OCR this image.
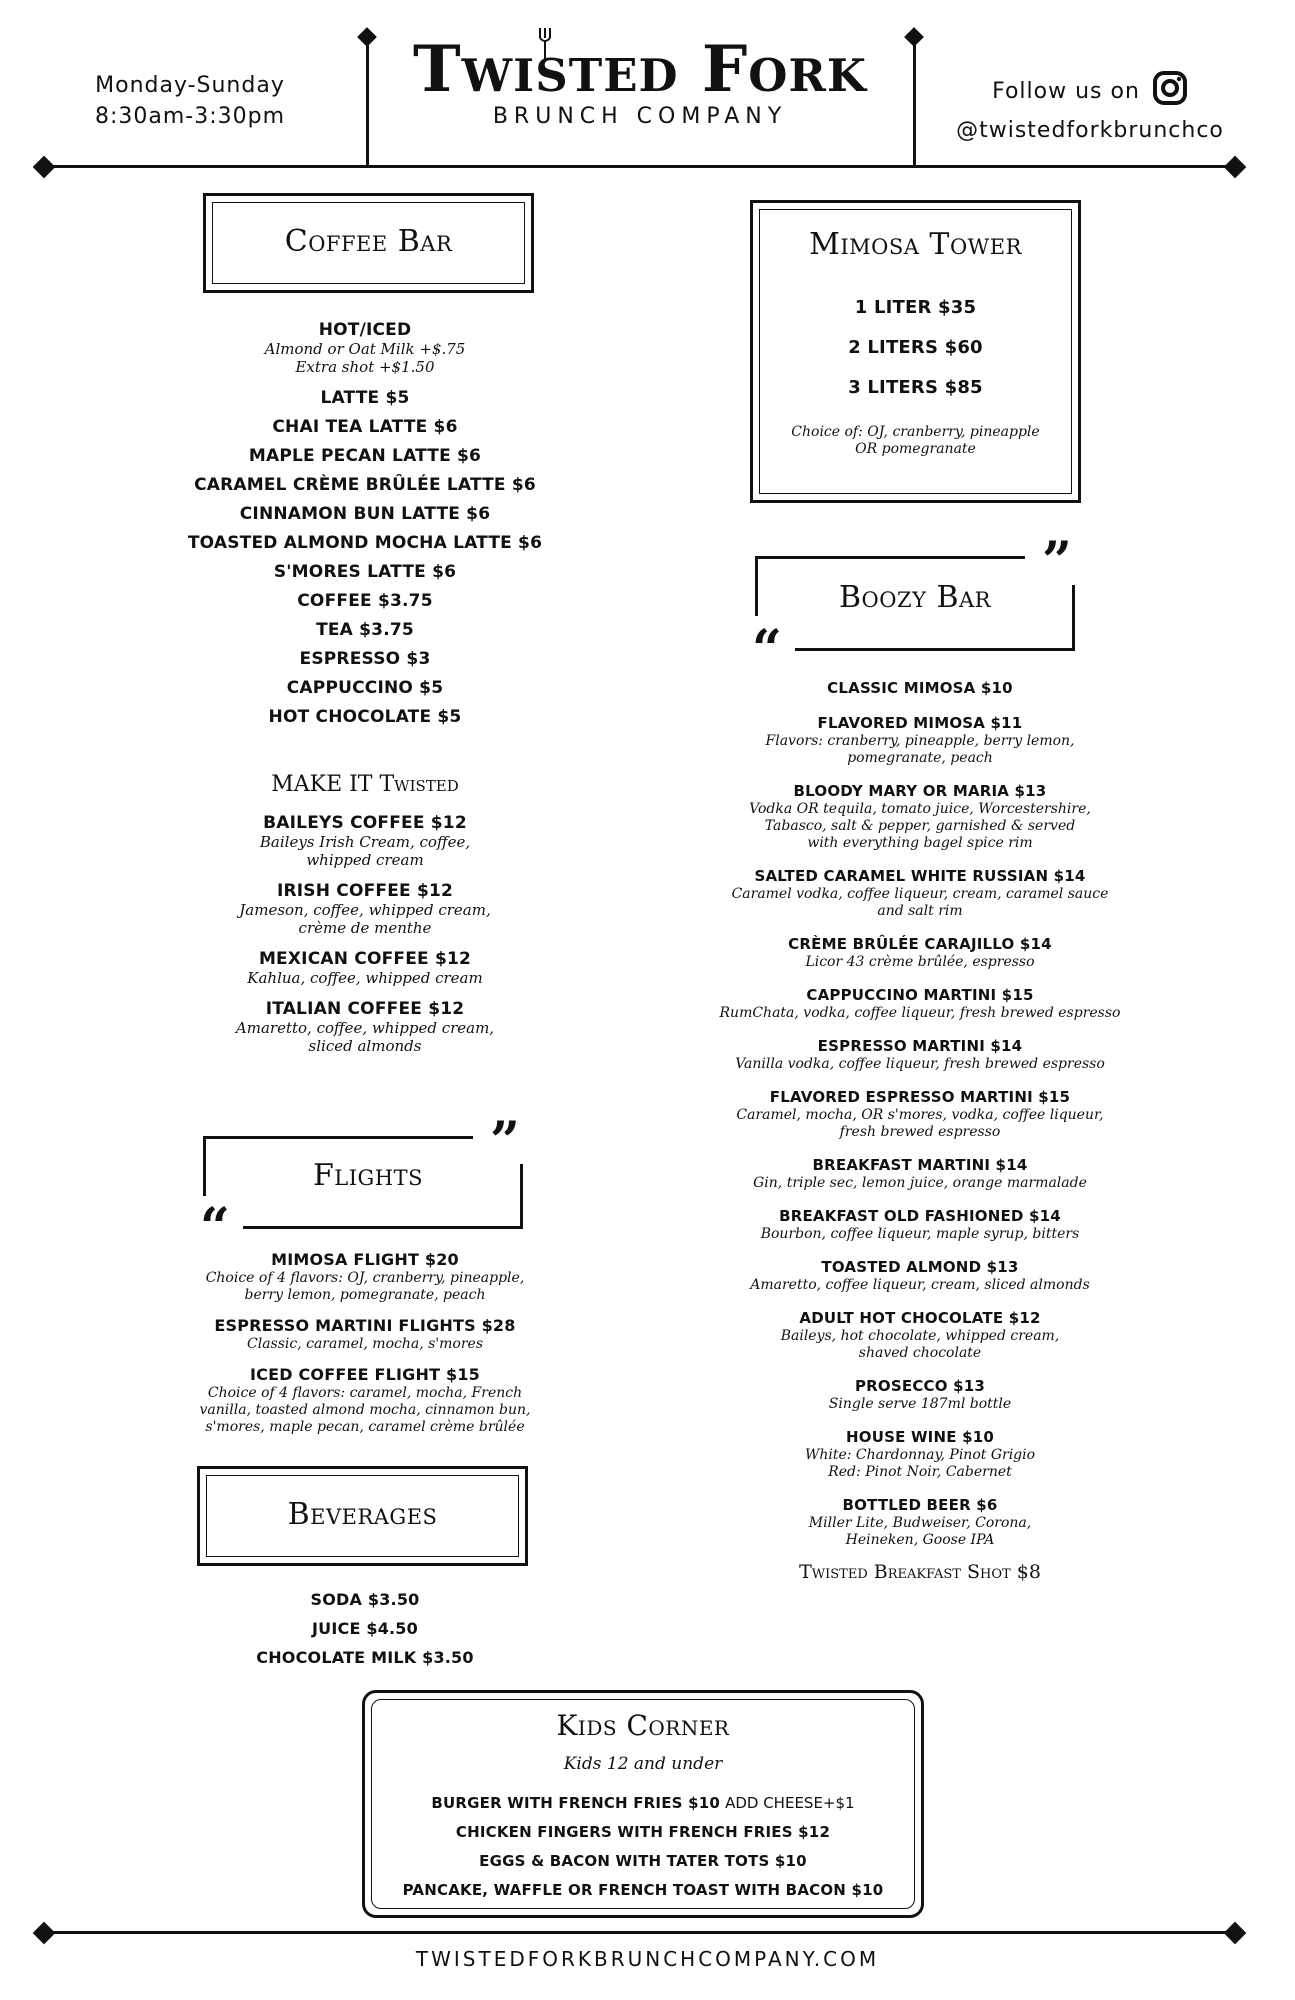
Monday-Sunday
8:30am-3:30pm
Twisted Fork
BRUNCH COMPANY
Follow us on
@twistedforkbrunchco
Coffee Bar
HOT/ICED
Almond or Oat Milk +$.75
Extra shot +$1.50
LATTE $5
CHAI TEA LATTE $6
MAPLE PECAN LATTE $6
CARAMEL CRÈME BRÛLÉE LATTE $6
CINNAMON BUN LATTE $6
TOASTED ALMOND MOCHA LATTE $6
S'MORES LATTE $6
COFFEE $3.75
TEA $3.75
ESPRESSO $3
CAPPUCCINO $5
HOT CHOCOLATE $5
MAKE IT Twisted
BAILEYS COFFEE $12
Baileys Irish Cream, coffee,
whipped cream
IRISH COFFEE $12
Jameson, coffee, whipped cream,
crème de menthe
MEXICAN COFFEE $12
Kahlua, coffee, whipped cream
ITALIAN COFFEE $12
Amaretto, coffee, whipped cream,
sliced almonds
”
“
Flights
MIMOSA FLIGHT $20
Choice of 4 flavors: OJ, cranberry, pineapple,
berry lemon, pomegranate, peach
ESPRESSO MARTINI FLIGHTS $28
Classic, caramel, mocha, s'mores
ICED COFFEE FLIGHT $15
Choice of 4 flavors: caramel, mocha, French
vanilla, toasted almond mocha, cinnamon bun,
s'mores, maple pecan, caramel crème brûlée
Beverages
SODA $3.50
JUICE $4.50
CHOCOLATE MILK $3.50
Mimosa Tower
1 LITER $35
2 LITERS $60
3 LITERS $85
Choice of: OJ, cranberry, pineapple
OR pomegranate
”
“
Boozy Bar
CLASSIC MIMOSA $10
FLAVORED MIMOSA $11
Flavors: cranberry, pineapple, berry lemon,
pomegranate, peach
BLOODY MARY OR MARIA $13
Vodka OR tequila, tomato juice, Worcestershire,
Tabasco, salt & pepper, garnished & served
with everything bagel spice rim
SALTED CARAMEL WHITE RUSSIAN $14
Caramel vodka, coffee liqueur, cream, caramel sauce
and salt rim
CRÈME BRÛLÉE CARAJILLO $14
Licor 43 crème brûlée, espresso
CAPPUCCINO MARTINI $15
RumChata, vodka, coffee liqueur, fresh brewed espresso
ESPRESSO MARTINI $14
Vanilla vodka, coffee liqueur, fresh brewed espresso
FLAVORED ESPRESSO MARTINI $15
Caramel, mocha, OR s'mores, vodka, coffee liqueur,
fresh brewed espresso
BREAKFAST MARTINI $14
Gin, triple sec, lemon juice, orange marmalade
BREAKFAST OLD FASHIONED $14
Bourbon, coffee liqueur, maple syrup, bitters
TOASTED ALMOND $13
Amaretto, coffee liqueur, cream, sliced almonds
ADULT HOT CHOCOLATE $12
Baileys, hot chocolate, whipped cream,
shaved chocolate
PROSECCO $13
Single serve 187ml bottle
HOUSE WINE $10
White: Chardonnay, Pinot Grigio
Red: Pinot Noir, Cabernet
BOTTLED BEER $6
Miller Lite, Budweiser, Corona,
Heineken, Goose IPA
Twisted Breakfast Shot $8
Kids Corner
Kids 12 and under
BURGER WITH FRENCH FRIES $10 ADD CHEESE+$1
CHICKEN FINGERS WITH FRENCH FRIES $12
EGGS & BACON WITH TATER TOTS $10
PANCAKE, WAFFLE OR FRENCH TOAST WITH BACON $10
TWISTEDFORKBRUNCHCOMPANY.COM
